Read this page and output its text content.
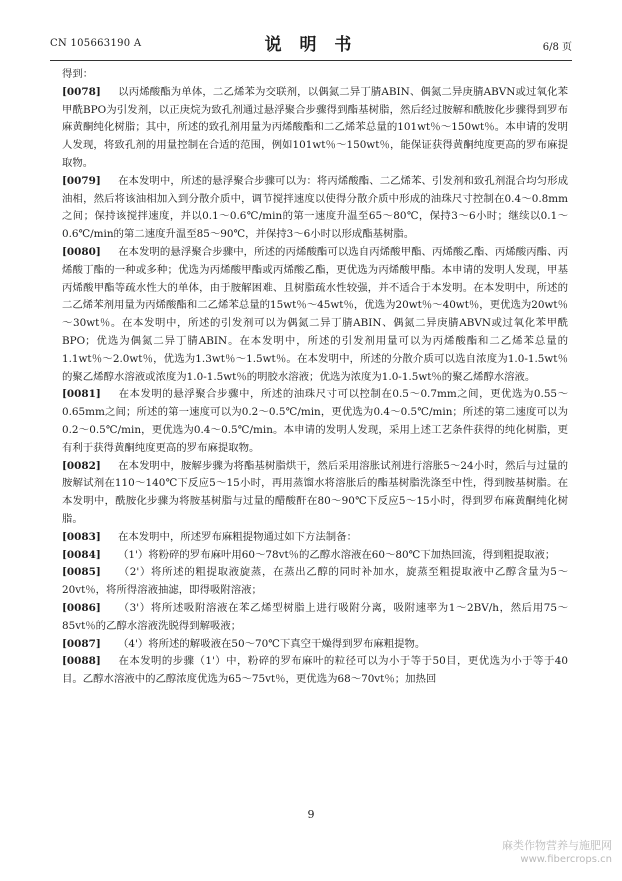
CN 105663190 A	说 明 书	6/8 页

得到：

[0078] 以丙烯酸酯为单体，二乙烯苯为交联剂，以偶氮二异丁腈ABIN、偶氮二异庚腈ABVN或过氧化苯甲酰BPO为引发剂，以正庚烷为致孔剂通过悬浮聚合步骤得到酯基树脂，然后经过胺解和酰胺化步骤得到罗布麻黄酮纯化树脂；其中，所述的致孔剂用量为丙烯酸酯和二乙烯苯总量的101wt％～150wt％。本申请的发明人发现，将致孔剂的用量控制在合适的范围，例如101wt％～150wt％，能保证获得黄酮纯度更高的罗布麻提取物。

[0079] 在本发明中，所述的悬浮聚合步骤可以为：将丙烯酸酯、二乙烯苯、引发剂和致孔剂混合均匀形成油相，然后将该油相加入到分散介质中，调节搅拌速度以使得分散介质中形成的油珠尺寸控制在0.4～0.8mm之间；保持该搅拌速度，并以0.1～0.6℃/min的第一速度升温至65～80℃，保持3～6小时；继续以0.1～0.6℃/min的第二速度升温至85～90℃，并保持3～6小时以形成酯基树脂。

[0080] 在本发明的悬浮聚合步骤中，所述的丙烯酸酯可以选自丙烯酸甲酯、丙烯酸乙酯、丙烯酸丙酯、丙烯酸丁酯的一种或多种；优选为丙烯酸甲酯或丙烯酸乙酯，更优选为丙烯酸甲酯。本申请的发明人发现，甲基丙烯酸甲酯等疏水性大的单体，由于胺解困难、且树脂疏水性较强，并不适合于本发明。在本发明中，所述的二乙烯苯剂用量为丙烯酸酯和二乙烯苯总量的15wt％～45wt％，优选为20wt％～40wt％，更优选为20wt％～30wt％。在本发明中，所述的引发剂可以为偶氮二异丁腈ABIN、偶氮二异庚腈ABVN或过氧化苯甲酰BPO；优选为偶氮二异丁腈ABIN。在本发明中，所述的引发剂用量可以为丙烯酸酯和二乙烯苯总量的1.1wt％～2.0wt％，优选为1.3wt％～1.5wt％。在本发明中，所述的分散介质可以选自浓度为1.0-1.5wt％的聚乙烯醇水溶液或浓度为1.0-1.5wt％的明胶水溶液；优选为浓度为1.0-1.5wt％的聚乙烯醇水溶液。

[0081] 在本发明的悬浮聚合步骤中，所述的油珠尺寸可以控制在0.5～0.7mm之间，更优选为0.55～0.65mm之间；所述的第一速度可以为0.2～0.5℃/min，更优选为0.4～0.5℃/min；所述的第二速度可以为0.2～0.5℃/min，更优选为0.4～0.5℃/min。本申请的发明人发现，采用上述工艺条件获得的纯化树脂，更有利于获得黄酮纯度更高的罗布麻提取物。

[0082] 在本发明中，胺解步骤为将酯基树脂烘干，然后采用溶胀试剂进行溶胀5～24小时，然后与过量的胺解试剂在110～140℃下反应5～15小时，再用蒸馏水将溶胀后的酯基树脂洗涤至中性，得到胺基树脂。在本发明中，酰胺化步骤为将胺基树脂与过量的醋酸酐在80～90℃下反应5～15小时，得到罗布麻黄酮纯化树脂。

[0083] 在本发明中，所述罗布麻粗提物通过如下方法制备：

[0084] （1'）将粉碎的罗布麻叶用60～78vt％的乙醇水溶液在60～80℃下加热回流，得到粗提取液；

[0085] （2'）将所述的粗提取液旋蒸，在蒸出乙醇的同时补加水，旋蒸至粗提取液中乙醇含量为5～20vt％，将所得溶液抽滤，即得吸附溶液；

[0086] （3'）将所述吸附溶液在苯乙烯型树脂上进行吸附分离，吸附速率为1～2BV/h，然后用75～85vt％的乙醇水溶液洗脱得到解吸液；

[0087] （4'）将所述的解吸液在50～70℃下真空干燥得到罗布麻粗提物。

[0088] 在本发明的步骤（1'）中，粉碎的罗布麻叶的粒径可以为小于等于50目，更优选为小于等于40目。乙醇水溶液中的乙醇浓度优选为65～75vt％，更优选为68～70vt％；加热回

9
麻类作物营养与施肥网
www.fibercrops.cn
